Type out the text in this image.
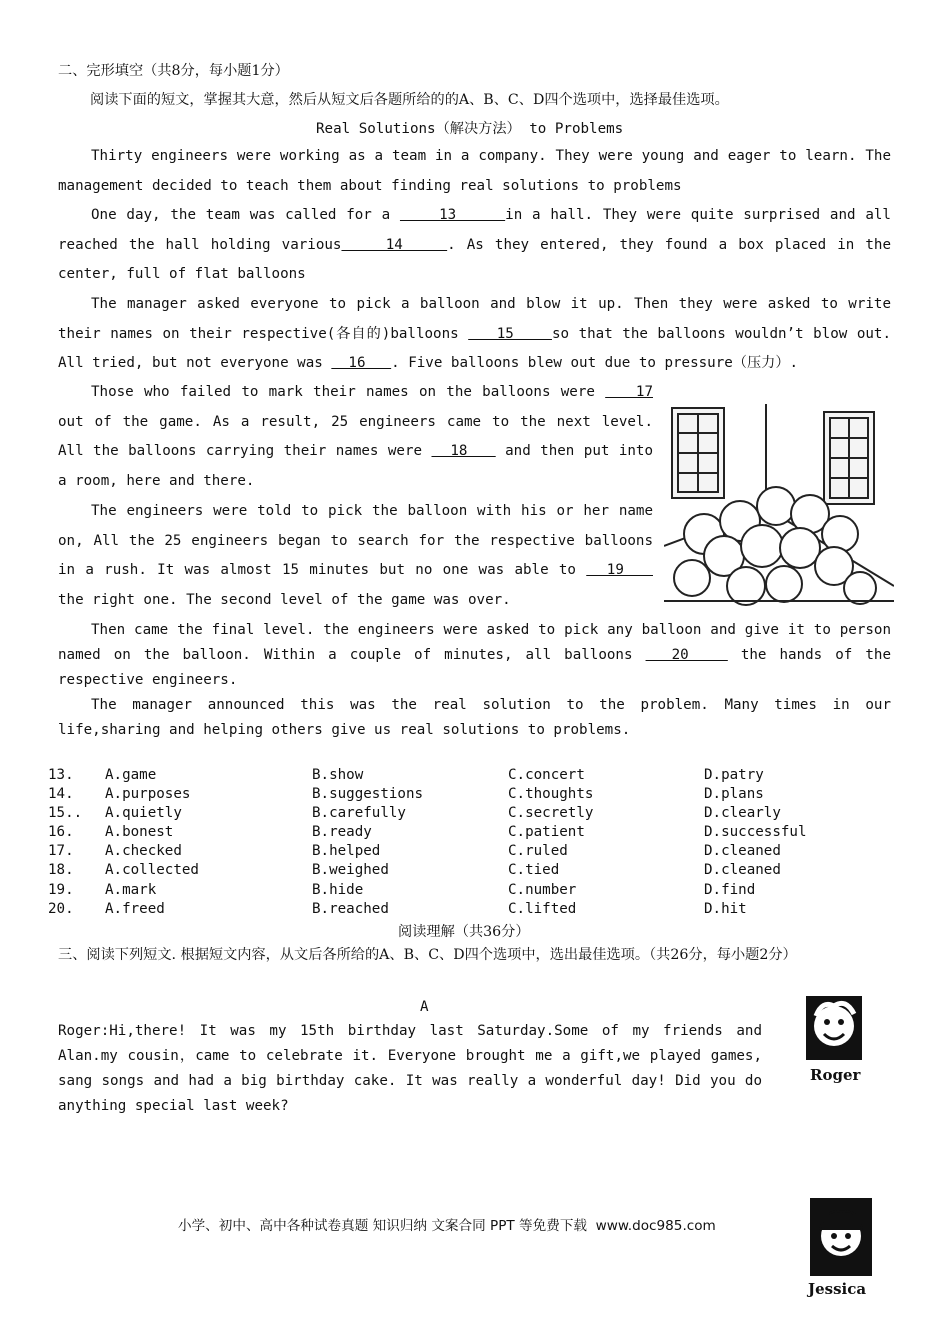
二、完形填空（共8分，每小题1分）
阅读下面的短文，掌握其大意，然后从短文后各题所给的的A、B、C、D四个选项中，选择最佳选项。
Real Solutions（解决方法） to Problems
Thirty engineers were working as a team in a company. They were young and eager to learn. The management decided to teach them about finding real solutions to problems
One day, the team was called for a     13     in a hall. They were quite surprised and all reached the hall holding various    14    . As they entered, they found a box placed in the center, full of flat balloons
The manager asked everyone to pick a balloon and blow it up. Then they were asked to write their names on their respective(各自的)balloons    15    so that the balloons wouldn’t blow out. All tried, but not everyone was   16   . Five balloons blew out due to pressure（压力）.
Those who failed to mark their names on the balloons were    17 out of the game. As a result, 25 engineers came to the next level. All the balloons carrying their names were   18    and then put into a room, here and there.
The engineers were told to pick the balloon with his or her name on, All the 25 engineers began to search for the respective balloons in a rush. It was almost 15 minutes but no one was able to   19    the right one. The second level of the game was over.
Then came the final level. the engineers were asked to pick any balloon and give it to person named on the balloon. Within a couple of minutes, all balloons   20    the hands of the respective engineers.
The manager announced this was the real solution to the problem. Many times in our life,sharing and helping others give us real solutions to problems.
13. A.game	B.show	C.concert	D.patry
14. A.purposes	B.suggestions	C.thoughts	D.plans
15.. A.quietly	B.carefully	C.secretly	D.clearly
16. A.bonest	B.ready	C.patient	D.successful
17. A.checked	B.helped	C.ruled	D.cleaned
18. A.collected	B.weighed	C.tied	D.cleaned
19. A.mark	B.hide	C.number	D.find
20. A.freed	B.reached	C.lifted	D.hit
阅读理解（共36分）
三、阅读下列短文. 根据短文内容，从文后各所给的A、B、C、D四个选项中，选出最佳选项。（共26分，每小题2分）
A
Roger:Hi,there! It was my 15th birthday last Saturday.Some of my friends and Alan.my cousin，came to celebrate it. Everyone brought me a gift,we played games, sang songs and had a big birthday cake. It was really a wonderful day! Did you do anything special last week?
Roger
小学、初中、高中各种试卷真题 知识归纳 文案合同 PPT 等免费下载  www.doc985.com
Jessica
